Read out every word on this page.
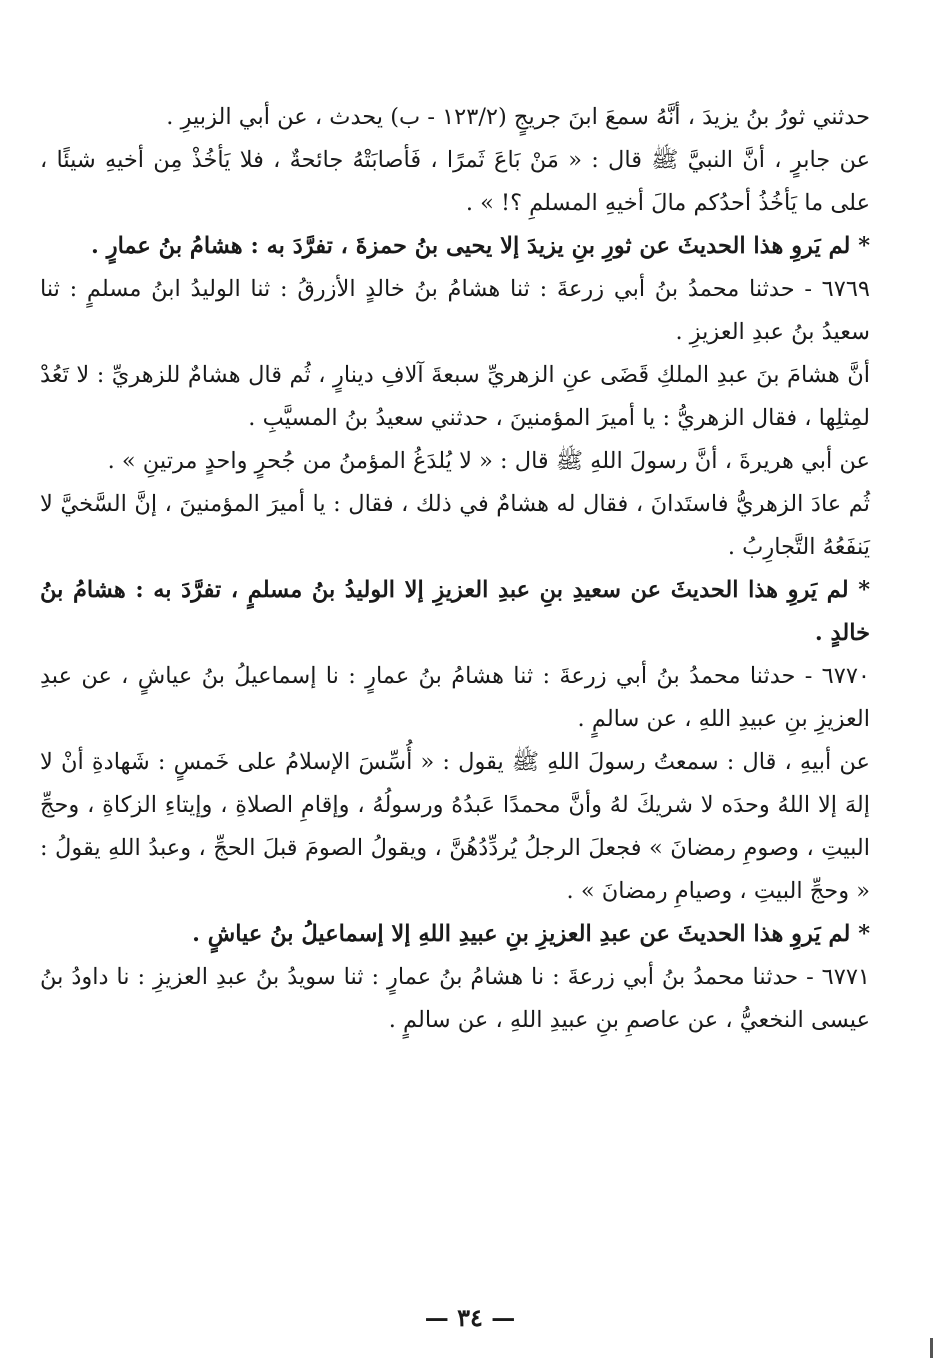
حدثني ثورُ بنُ يزيدَ ، أنَّهُ سمعَ ابنَ جريجٍ (١٢٣/٢ - ب) يحدث ، عن أبي الزبيرِ .

عن جابرٍ ، أنَّ النبيَّ ﷺ قال : « مَنْ بَاعَ ثَمرًا ، فَأصابَتْهُ جائحةٌ ، فلا يَأخُذْ مِن أخيهِ شيئًا ، على ما يَأخُذُ أحدُكم مالَ أخيهِ المسلمِ ؟! » .

* لم يَروِ هذا الحديثَ عن ثورِ بنِ يزيدَ إلا يحيى بنُ حمزةَ ، تفرَّدَ به : هشامُ بنُ عمارٍ .

٦٧٦٩ - حدثنا محمدُ بنُ أبي زرعةَ : ثنا هشامُ بنُ خالدٍ الأزرقُ : ثنا الوليدُ ابنُ مسلمٍ : ثنا سعيدُ بنُ عبدِ العزيزِ .

أنَّ هشامَ بنَ عبدِ الملكِ قَضَى عنِ الزهريِّ سبعةَ آلافِ دينارٍ ، ثُم قال هشامٌ للزهريِّ : لا تَعُدْ لمِثلِها ، فقال الزهريُّ : يا أميرَ المؤمنينَ ، حدثني سعيدُ بنُ المسيَّبِ .

عن أبي هريرةَ ، أنَّ رسولَ اللهِ ﷺ قال : « لا يُلدَغُ المؤمنُ من جُحرٍ واحدٍ مرتينِ » .

ثُم عادَ الزهريُّ فاستَدانَ ، فقال له هشامٌ في ذلك ، فقال : يا أميرَ المؤمنينَ ، إنَّ السَّخيَّ لا يَنفَعُهُ التَّجارِبُ .

* لم يَروِ هذا الحديثَ عن سعيدِ بنِ عبدِ العزيزِ إلا الوليدُ بنُ مسلمٍ ، تفرَّدَ به : هشامُ بنُ خالدٍ .

٦٧٧٠ - حدثنا محمدُ بنُ أبي زرعةَ : ثنا هشامُ بنُ عمارٍ : نا إسماعيلُ بنُ عياشٍ ، عن عبدِ العزيزِ بنِ عبيدِ اللهِ ، عن سالمٍ .

عن أبيهِ ، قال : سمعتُ رسولَ اللهِ ﷺ يقول : « أُسِّسَ الإسلامُ على خَمسٍ : شَهادةِ أنْ لا إلهَ إلا اللهُ وحدَه لا شريكَ لهُ وأنَّ محمدًا عَبدُهُ ورسولُهُ ، وإقامِ الصلاةِ ، وإيتاءِ الزكاةِ ، وحجِّ البيتِ ، وصومِ رمضانَ » فجعلَ الرجلُ يُردِّدُهُنَّ ، ويقولُ الصومَ قبلَ الحجِّ ، وعبدُ اللهِ يقولُ : « وحجِّ البيتِ ، وصيامِ رمضانَ » .

* لم يَروِ هذا الحديثَ عن عبدِ العزيزِ بنِ عبيدِ اللهِ إلا إسماعيلُ بنُ عياشٍ .

٦٧٧١ - حدثنا محمدُ بنُ أبي زرعةَ : نا هشامُ بنُ عمارٍ : ثنا سويدُ بنُ عبدِ العزيزِ : نا داودُ بنُ عيسى النخعيُّ ، عن عاصمِ بنِ عبيدِ اللهِ ، عن سالمٍ .

— ٣٤ —
